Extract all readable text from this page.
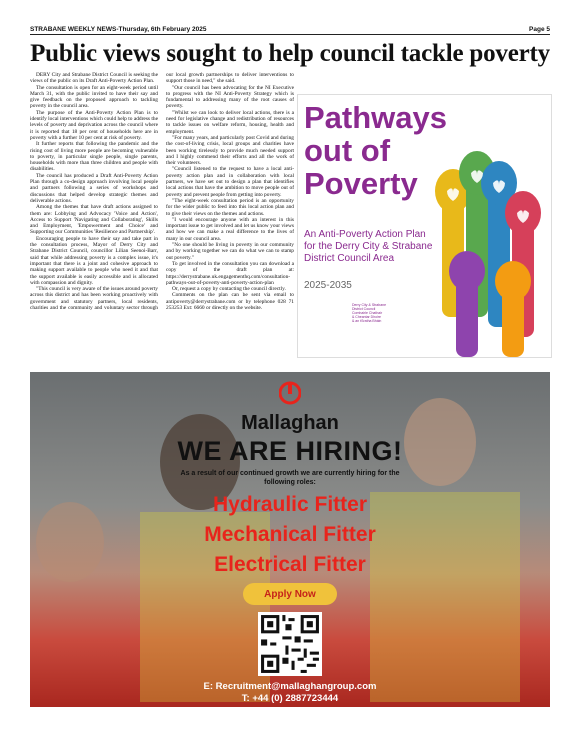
STRABANE WEEKLY NEWS-Thursday, 6th February 2025	Page 5
Public views sought to help council tackle poverty

DERY City and Strabane District Council is seeking the views of the public on its Draft Anti-Poverty Action Plan.

The consultation is open for an eight-week period until March 31, with the public invited to have their say and give feedback on the proposed approach to tackling poverty in the council area.

The purpose of the Anti-Poverty Action Plan is to identify local interventions which could help to address the levels of poverty and deprivation across the council where it is reported that 18 per cent of households here are in poverty with a further 10 per cent at risk of poverty.

It further reports that following the pandemic and the rising cost of living more people are becoming vulnerable to poverty, in particular single people, single parents, households with more than three children and people with disabilities.

The council has produced a Draft Anti-Poverty Action Plan through a co-design approach involving local people and partners following a series of workshops and discussions that helped develop strategic themes and deliverable actions.

Among the themes that have draft actions assigned to them are: Lobbying and Advocacy 'Voice and Action', Access to Support 'Navigating and Collaborating', Skills and Employment, 'Empowerment and Choice' and Supporting our Communities 'Resilience and Partnership'.

Encouraging people to have their say and take part in the consultation process, Mayor of Derry City and Strabane District Council, councillor Lilian Seenoi-Barr, said that while addressing poverty is a complex issue, it's important that there is a joint and cohesive approach to making support available to people who need it and that the support available is easily accessible and is allocated with compassion and dignity.

"This council is very aware of the issues around poverty across this district and has been working proactively with government and statutory partners, local residents, charities and the community and voluntary sector through our local growth partnerships to deliver interventions to support those in need," she said.

"Our council has been advocating for the NI Executive to progress with the NI Anti-Poverty Strategy which is fundamental to addressing many of the root causes of poverty.

"Whilst we can look to deliver local actions, there is a need for legislative change and redistribution of resources to tackle issues on welfare reform, housing, health and employment.

"For many years, and particularly post Covid and during the cost-of-living crisis, local groups and charities have been working tirelessly to provide much needed support and I highly commend their efforts and all the work of their volunteers.

"Council listened to the request to have a local anti-poverty action plan and in collaboration with local partners, we have set out to design a plan that identifies local actions that have the ambition to move people out of poverty and prevent people from getting into poverty.

"The eight-week consultation period is an opportunity for the wider public to feed into this local action plan and to give their views on the themes and actions.

"I would encourage anyone with an interest in this important issue to get involved and let us know your views and how we can make a real difference to the lives of many in our council area.

"No one should be living in poverty in our community and by working together we can do what we can to stamp out poverty."

To get involved in the consultation you can download a copy of the draft plan at: https://derrystrabane.uk.engagementhq.com/consultation-pathways-out-of-poverty-anti-poverty-action-plan

Or, request a copy by contacting the council directly.

Comments on the plan can be sent via email to antipoverty@derrystrabane.com or by telephone 028 71 253253 Ext: 6660 or directly on the website.

Pathways
out of
Poverty
An Anti-Poverty Action Plan for the Derry City & Strabane District Council Area
2025-2035
Derry City & Strabane
District Council
Comhairle Chathair
& Cheantar Dhoire
& an tSratha Bháin
Mallaghan
WE ARE HIRING!
As a result of our continued growth we are currently hiring for the following roles:
Hydraulic Fitter
Mechanical Fitter
Electrical Fitter
Apply Now
E: Recruitment@mallaghangroup.com
T: +44 (0) 2887723444
